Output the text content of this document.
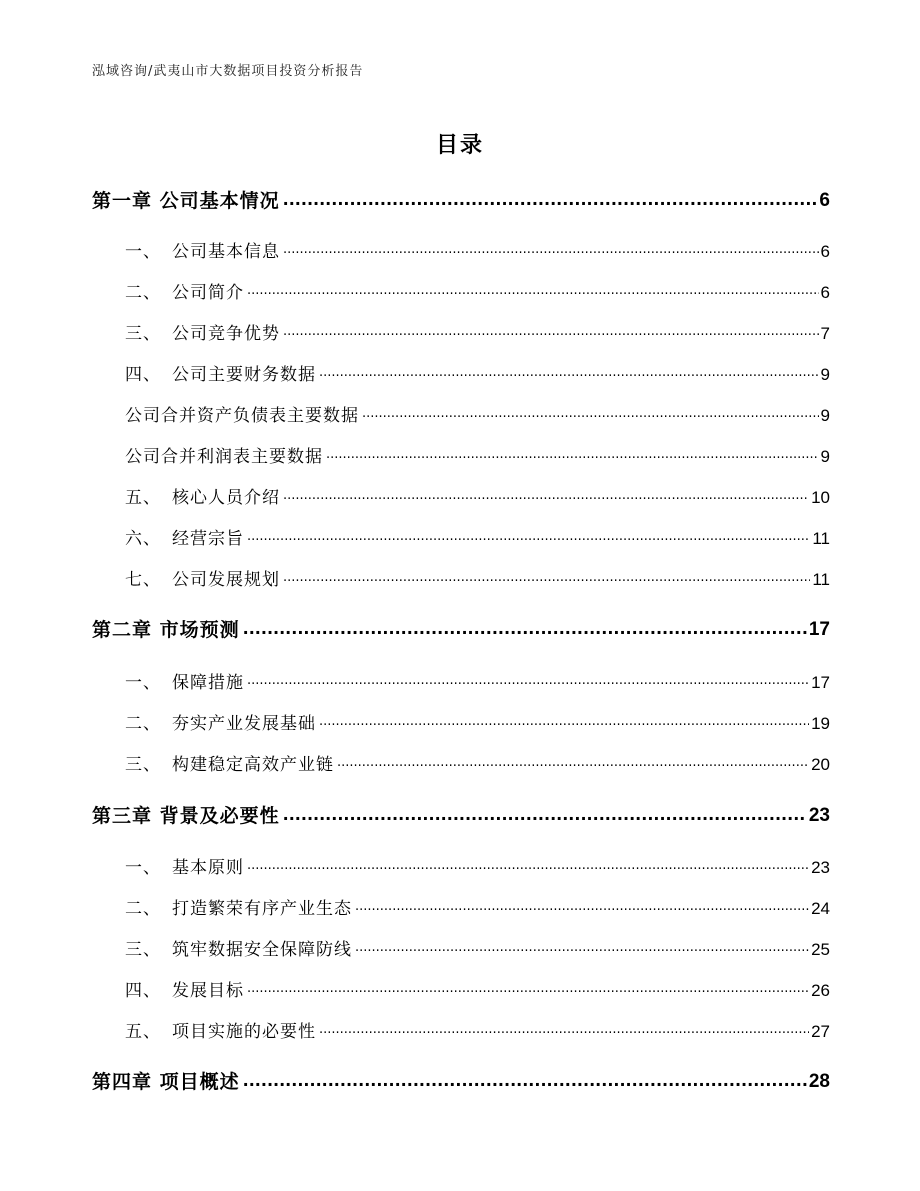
泓域咨询/武夷山市大数据项目投资分析报告
目录
第一章 公司基本情况 .....	6
一、 公司基本信息 .....	6
二、 公司简介 .....	6
三、 公司竞争优势 .....	7
四、 公司主要财务数据 .....	9
公司合并资产负债表主要数据 .....	9
公司合并利润表主要数据 .....	9
五、 核心人员介绍 .....	10
六、 经营宗旨 .....	11
七、 公司发展规划 .....	11
第二章 市场预测 .....	17
一、 保障措施 .....	17
二、 夯实产业发展基础 .....	19
三、 构建稳定高效产业链 .....	20
第三章 背景及必要性 .....	23
一、 基本原则 .....	23
二、 打造繁荣有序产业生态 .....	24
三、 筑牢数据安全保障防线 .....	25
四、 发展目标 .....	26
五、 项目实施的必要性 .....	27
第四章 项目概述 .....	28
